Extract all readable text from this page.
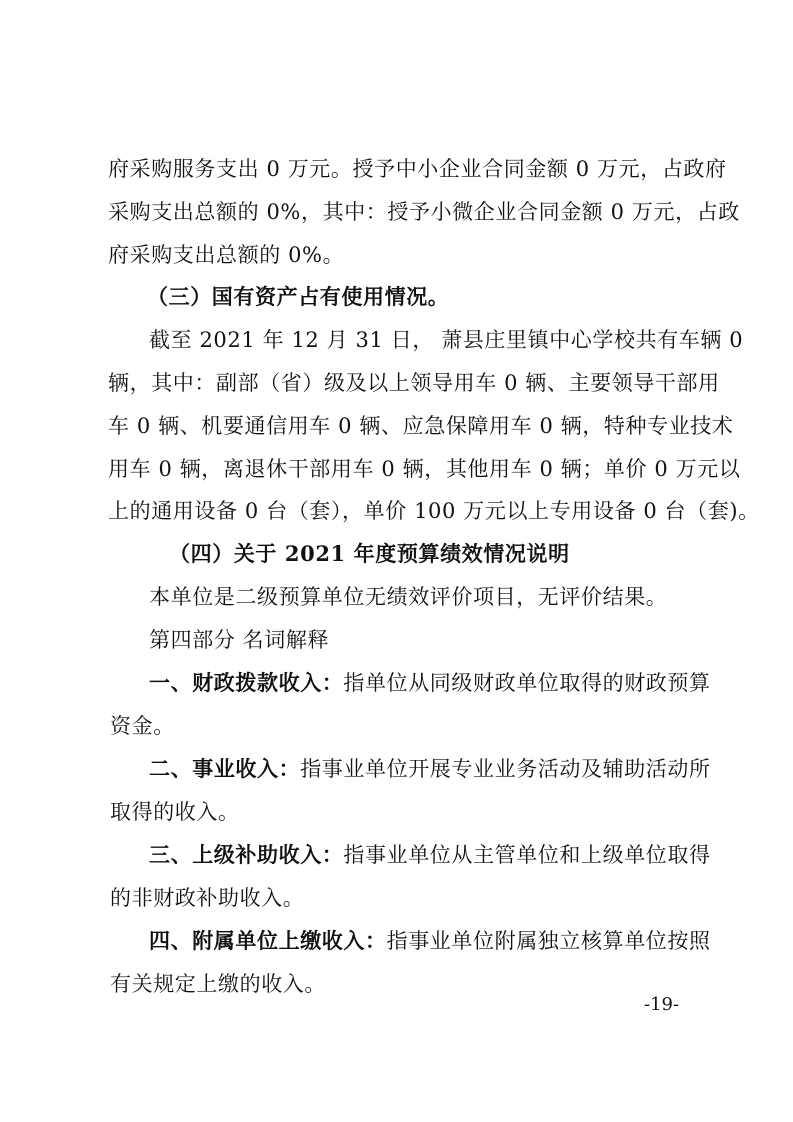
府采购服务支出 0 万元。授予中小企业合同金额 0 万元，占政府
采购支出总额的 0%，其中：授予小微企业合同金额 0 万元，占政
府采购支出总额的 0%。
（三）国有资产占有使用情况。
截至 2021 年 12 月 31 日， 萧县庄里镇中心学校共有车辆 0
辆，其中：副部（省）级及以上领导用车 0 辆、主要领导干部用
车 0 辆、机要通信用车 0 辆、应急保障用车 0 辆，特种专业技术
用车 0 辆，离退休干部用车 0 辆，其他用车 0 辆；单价 0 万元以
上的通用设备 0 台（套），单价 100 万元以上专用设备 0 台（套)。
（四）关于 2021 年度预算绩效情况说明
本单位是二级预算单位无绩效评价项目，无评价结果。
第四部分 名词解释
一、财政拨款收入：指单位从同级财政单位取得的财政预算
资金。
二、事业收入：指事业单位开展专业业务活动及辅助活动所
取得的收入。
三、上级补助收入：指事业单位从主管单位和上级单位取得
的非财政补助收入。
四、附属单位上缴收入：指事业单位附属独立核算单位按照
有关规定上缴的收入。
-19-
